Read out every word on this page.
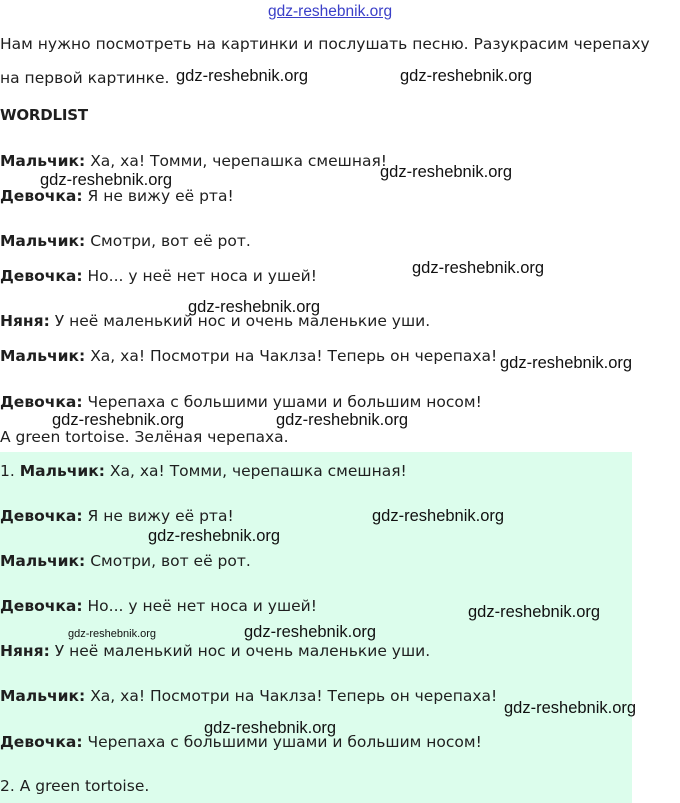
gdz-reshebnik.org
Нам нужно посмотреть на картинки и послушать песню. Разукрасим черепаху
на первой картинке.
WORDLIST
Мальчик: Ха, ха! Томми, черепашка смешная!
Девочка: Я не вижу её рта!
Мальчик: Смотри, вот её рот.
Девочка: Но... у неё нет носа и ушей!
Няня: У неё маленький нос и очень маленькие уши.
Мальчик: Ха, ха! Посмотри на Чаклза! Теперь он черепаха!
Девочка: Черепаха с большими ушами и большим носом!
A green tortoise. Зелёная черепаха.
1. Мальчик: Ха, ха! Томми, черепашка смешная!
Девочка: Я не вижу её рта!
Мальчик: Смотри, вот её рот.
Девочка: Но... у неё нет носа и ушей!
Няня: У неё маленький нос и очень маленькие уши.
Мальчик: Ха, ха! Посмотри на Чаклза! Теперь он черепаха!
Девочка: Черепаха с большими ушами и большим носом!
2. A green tortoise.
gdz-reshebnik.org	gdz-reshebnik.org
gdz-reshebnik.org	gdz-reshebnik.org
gdz-reshebnik.org
gdz-reshebnik.org
gdz-reshebnik.org
gdz-reshebnik.org	gdz-reshebnik.org
gdz-reshebnik.org
gdz-reshebnik.org
gdz-reshebnik.org
gdz-reshebnik.org	gdz-reshebnik.org
gdz-reshebnik.org
gdz-reshebnik.org
